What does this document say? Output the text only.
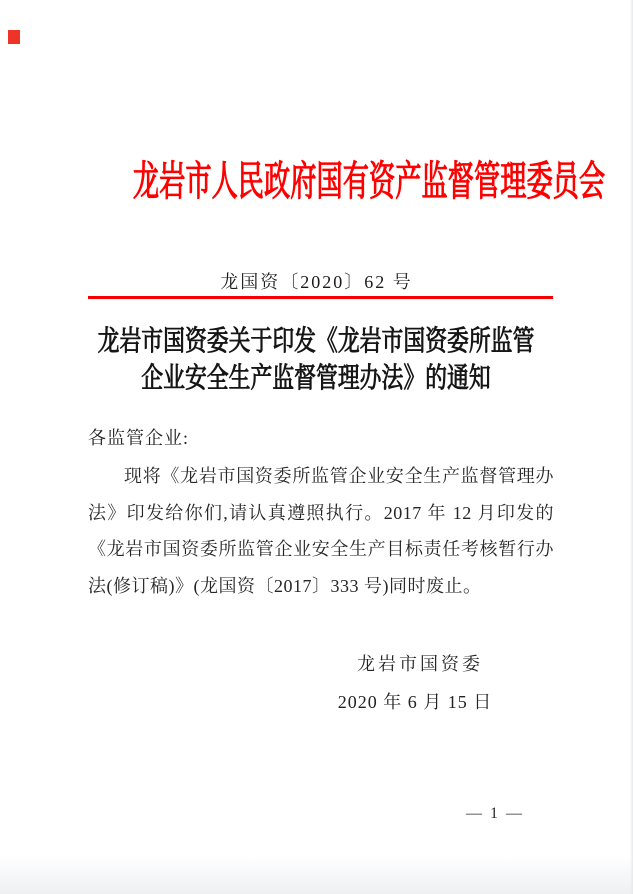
龙岩市人民政府国有资产监督管理委员会
龙国资〔2020〕62 号
龙岩市国资委关于印发《龙岩市国资委所监管
企业安全生产监督管理办法》的通知
各监管企业:
现将《龙岩市国资委所监管企业安全生产监督管理办法》印发给你们,请认真遵照执行。2017 年 12 月印发的《龙岩市国资委所监管企业安全生产目标责任考核暂行办法(修订稿)》(龙国资〔2017〕333 号)同时废止。
龙岩市国资委
2020 年 6 月 15 日
— 1 —
